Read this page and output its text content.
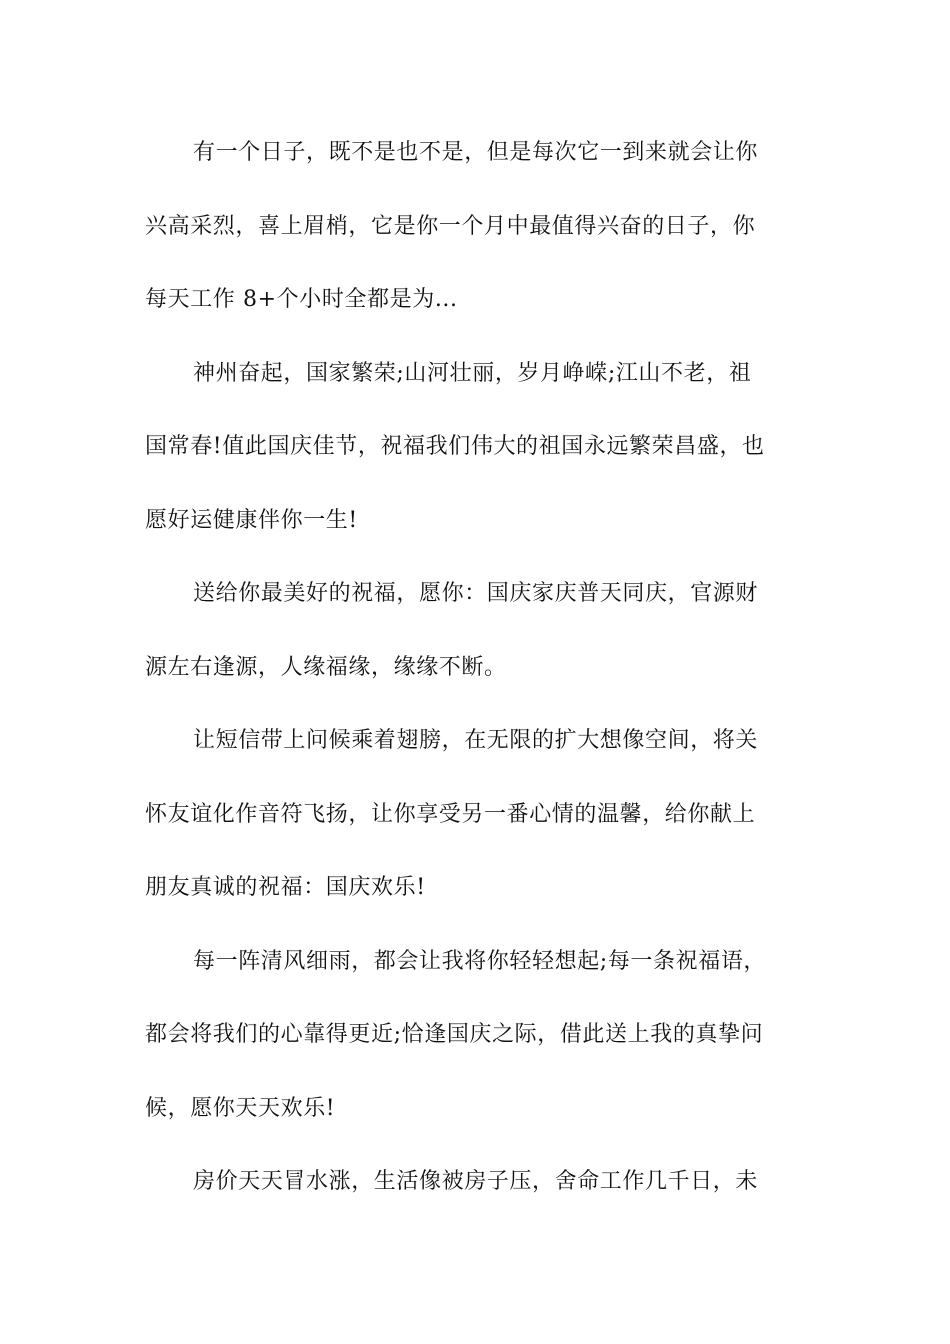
有一个日子，既不是也不是，但是每次它一到来就会让你
兴高采烈，喜上眉梢，它是你一个月中最值得兴奋的日子，你
每天工作 8+个小时全都是为...
神州奋起，国家繁荣;山河壮丽，岁月峥嵘;江山不老，祖
国常春!值此国庆佳节，祝福我们伟大的祖国永远繁荣昌盛，也
愿好运健康伴你一生!
送给你最美好的祝福，愿你：国庆家庆普天同庆，官源财
源左右逢源，人缘福缘，缘缘不断。
让短信带上问候乘着翅膀，在无限的扩大想像空间，将关
怀友谊化作音符飞扬，让你享受另一番心情的温馨，给你献上
朋友真诚的祝福：国庆欢乐!
每一阵清风细雨，都会让我将你轻轻想起;每一条祝福语，
都会将我们的心靠得更近;恰逢国庆之际，借此送上我的真挚问
候，愿你天天欢乐!
房价天天冒水涨，生活像被房子压，舍命工作几千日，未
